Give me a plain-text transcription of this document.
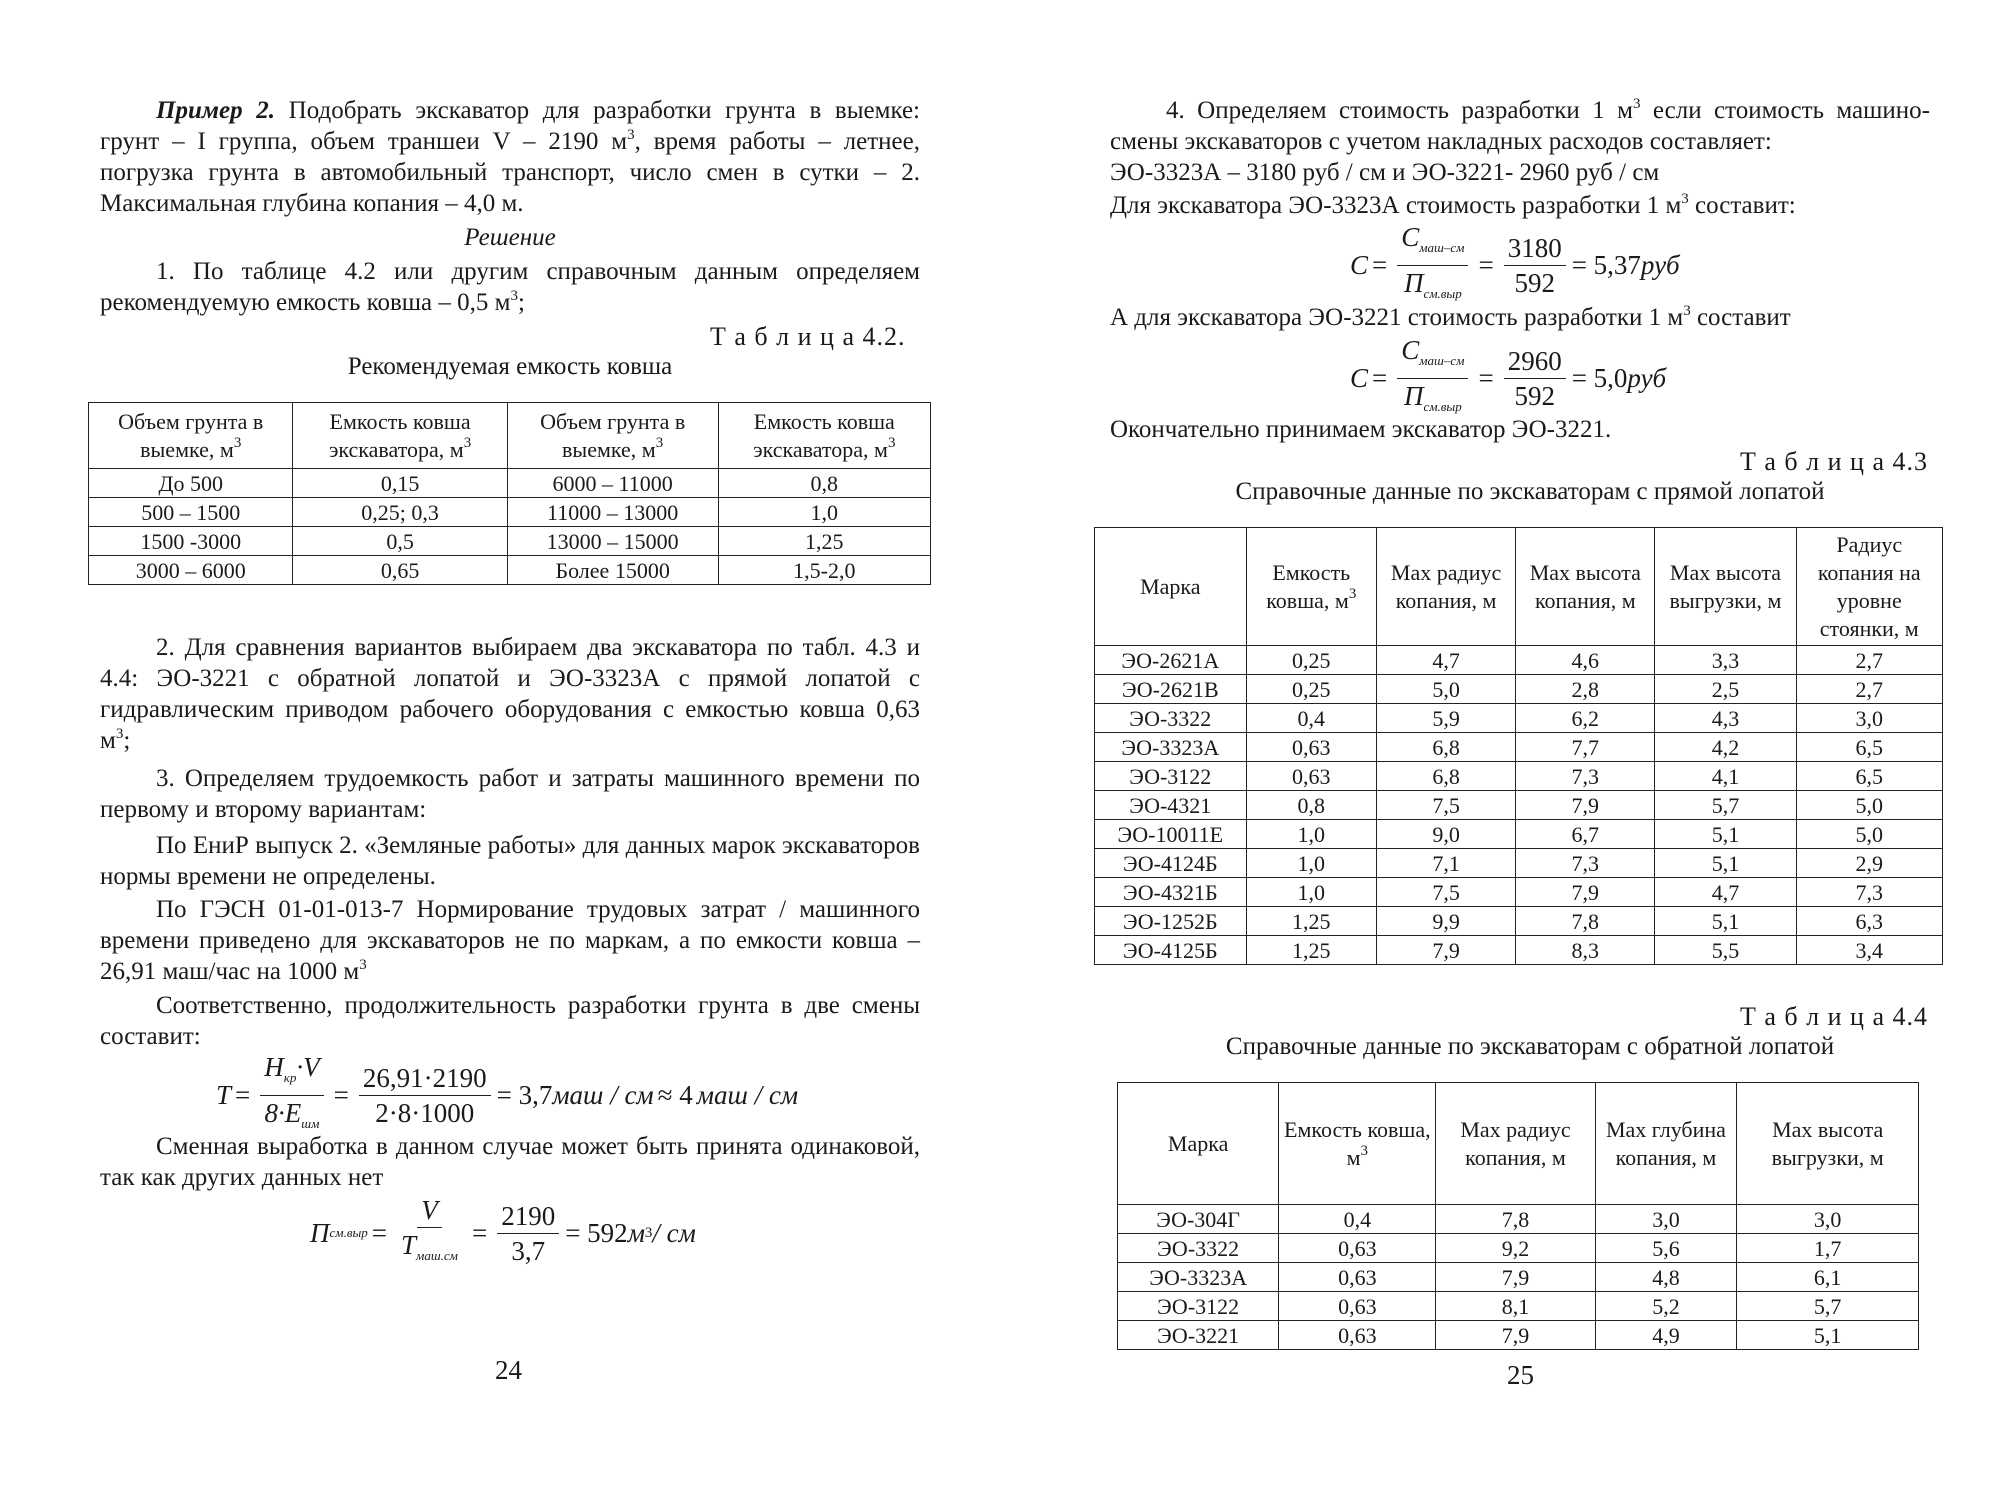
Пример 2. Подобрать экскаватор для разработки грунта в выемке: грунт – I группа, объем траншеи V – 2190 $м^3$, время работы – летнее, погрузка грунта в автомобильный транспорт, число смен в сутки – 2. Максимальная глубина копания – 4,0 м.
Решение
1. По таблице 4.2 или другим справочным данным определяем рекомендуемую емкость ковша – 0,5 $м^3$;
Т а б л и ц а 4.2.
Рекомендуемая емкость ковша
Объем грунта в выемке, $м^3$	Емкость ковша экскаватора, $м^3$	Объем грунта в выемке, $м^3$	Емкость ковша экскаватора, $м^3$
До 500	0,15	6000 – 11000	0,8
500 – 1500	0,25; 0,3	11000 – 13000	1,0
1500 -3000	0,5	13000 – 15000	1,25
3000 – 6000	0,65	Более 15000	1,5-2,0
2. Для сравнения вариантов выбираем два экскаватора по табл. 4.3 и 4.4: ЭО-3221 с обратной лопатой и ЭО-3323А с прямой лопатой с гидравлическим приводом рабочего оборудования с емкостью ковша 0,63 $м^3$;
3. Определяем трудоемкость работ и затраты машинного времени по первому и второму вариантам:
По ЕниР выпуск 2. «Земляные работы» для данных марок экскаваторов нормы времени не определены.
По ГЭСН 01-01-013-7 Нормирование трудовых затрат / машинного времени приведено для экскаваторов не по маркам, а по емкости ковша – 26,91 маш/час на 1000 $м^3$
Соответственно, продолжительность разработки грунта в две смены составит:
$T = \frac{H_{кр}\cdot V}{8\cdot E_{шм}} = \frac{26,91\cdot 2190}{2\cdot 8\cdot 1000} = 3,7$ маш / см ≈ 4 маш / см
Сменная выработка в данном случае может быть принята одинаковой, так как других данных нет
П $см.выр = \frac{V}{T_{маш.см}} = \frac{2190}{3,7} = 592$ м 3 / см
24
4. Определяем стоимость разработки 1 $м^3$ если стоимость машино-смены экскаваторов с учетом накладных расходов составляет:
ЭО-3323А – 3180 руб / см и ЭО-3221- 2960 руб / см
Для экскаватора ЭО-3323А стоимость разработки 1 $м^3$ составит:
$C = \frac{C_{маш-см}}{П_{см.выр}} = \frac{3180}{592} = 5,37$ руб
А для экскаватора ЭО-3221 стоимость разработки 1 $м^3$ составит
$C = \frac{C_{маш-см}}{П_{см.выр}} = \frac{2960}{592} = 5,0$ руб
Окончательно принимаем экскаватор ЭО-3221.
Т а б л и ц а 4.3
Справочные данные по экскаваторам с прямой лопатой
Марка	Емкость ковша, $м^3$	Max радиус копания, м	Max высота копания, м	Max высота выгрузки, м	Радиус копания на уровне стоянки, м
ЭО-2621А	0,25	4,7	4,6	3,3	2,7
ЭО-2621В	0,25	5,0	2,8	2,5	2,7
ЭО-3322	0,4	5,9	6,2	4,3	3,0
ЭО-3323А	0,63	6,8	7,7	4,2	6,5
ЭО-3122	0,63	6,8	7,3	4,1	6,5
ЭО-4321	0,8	7,5	7,9	5,7	5,0
ЭО-10011Е	1,0	9,0	6,7	5,1	5,0
ЭО-4124Б	1,0	7,1	7,3	5,1	2,9
ЭО-4321Б	1,0	7,5	7,9	4,7	7,3
ЭО-1252Б	1,25	9,9	7,8	5,1	6,3
ЭО-4125Б	1,25	7,9	8,3	5,5	3,4
Т а б л и ц а 4.4
Справочные данные по экскаваторам с обратной лопатой
Марка	Емкость ковша, $м^3$	Max радиус копания, м	Max глубина копания, м	Max высота выгрузки, м
ЭО-304Г	0,4	7,8	3,0	3,0
ЭО-3322	0,63	9,2	5,6	1,7
ЭО-3323А	0,63	7,9	4,8	6,1
ЭО-3122	0,63	8,1	5,2	5,7
ЭО-3221	0,63	7,9	4,9	5,1
25
